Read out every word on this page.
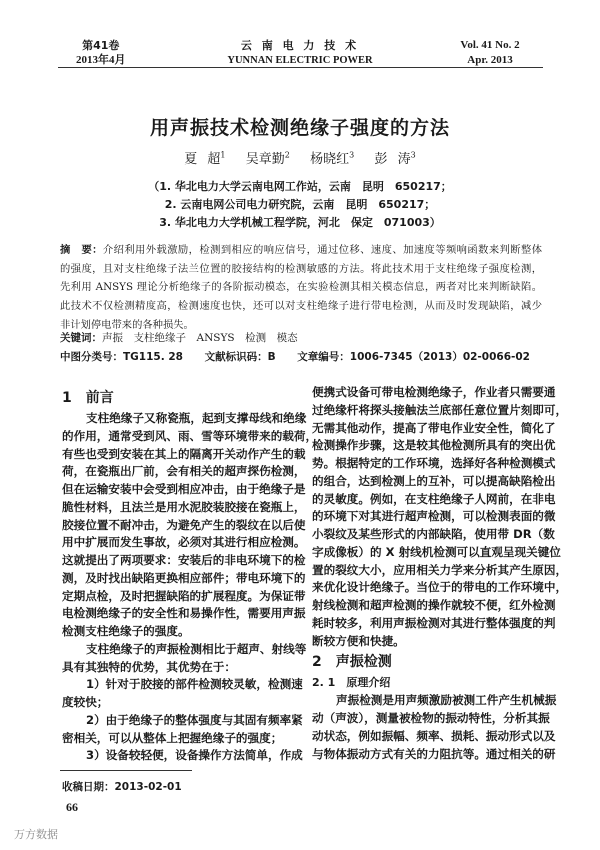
第41卷
2013年4月
云 南 电 力 技 术
YUNNAN ELECTRIC POWER
Vol. 41 No. 2
Apr. 2013
用声振技术检测绝缘子强度的方法
夏 超$^1$ 吴章勤$^2$ 杨晓红$^3$ 彭 涛$^3$
（1. 华北电力大学云南电网工作站，云南　昆明　650217；
2. 云南电网公司电力研究院，云南　昆明　650217；
3. 华北电力大学机械工程学院，河北　保定　071003）
摘　要：介绍利用外载激励，检测到相应的响应信号，通过位移、速度、加速度等频响函数来判断整体
的强度，且对支柱绝缘子法兰位置的胶接结构的检测敏感的方法。将此技术用于支柱绝缘子强度检测，
先利用 ANSYS 理论分析绝缘子的各阶振动模态，在实验检测其相关模态信息，两者对比来判断缺陷。
此技术不仅检测精度高，检测速度也快，还可以对支柱绝缘子进行带电检测，从而及时发现缺陷，减少
非计划停电带来的各种损失。
关键词：声振　支柱绝缘子　ANSYS　检测　模态
中图分类号：TG115. 28 文献标识码：B 文章编号：1006-7345（2013）02-0066-02
1　前言
支柱绝缘子又称瓷瓶，起到支撑母线和绝缘
的作用，通常受到风、雨、雪等环境带来的载荷，
有些也受到安装在其上的隔离开关动作产生的载
荷，在瓷瓶出厂前，会有相关的超声探伤检测，
但在运输安装中会受到相应冲击，由于绝缘子是
脆性材料，且法兰是用水泥胶装胶接在瓷瓶上，
胶接位置不耐冲击，为避免产生的裂纹在以后使
用中扩展而发生事故，必须对其进行相应检测。
这就提出了两项要求：安装后的非电环境下的检
测，及时找出缺陷更换相应部件；带电环境下的
定期点检，及时把握缺陷的扩展程度。为保证带
电检测绝缘子的安全性和易操作性，需要用声振
检测支柱绝缘子的强度。
支柱绝缘子的声振检测相比于超声、射线等
具有其独特的优势，其优势在于：
1）针对于胶接的部件检测较灵敏，检测速
度较快；
2）由于绝缘子的整体强度与其固有频率紧
密相关，可以从整体上把握绝缘子的强度；
3）设备较轻便，设备操作方法简单，作成
便携式设备可带电检测绝缘子，作业者只需要通
过绝缘杆将探头接触法兰底部任意位置片刻即可，
无需其他动作，提高了带电作业安全性，简化了
检测操作步骤，这是较其他检测所具有的突出优
势。根据特定的工作环境，选择好各种检测模式
的组合，达到检测上的互补，可以提高缺陷检出
的灵敏度。例如，在支柱绝缘子人网前，在非电
的环境下对其进行超声检测，可以检测表面的微
小裂纹及某些形式的内部缺陷，使用带 DR（数
字成像板）的 X 射线机检测可以直观呈现关键位
置的裂纹大小，应用相关力学来分析其产生原因，
来优化设计绝缘子。当位于的带电的工作环境中，
射线检测和超声检测的操作就较不便，红外检测
耗时较多，利用声振检测对其进行整体强度的判
断较方便和快捷。
2　声振检测
2. 1　原理介绍
声振检测是用声频激励被测工件产生机械振
动（声波），测量被检物的振动特性，分析其振
动状态，例如振幅、频率、损耗、振动形式以及
与物体振动方式有关的力阻抗等。通过相关的研
收稿日期：2013-02-01
66
万方数据
